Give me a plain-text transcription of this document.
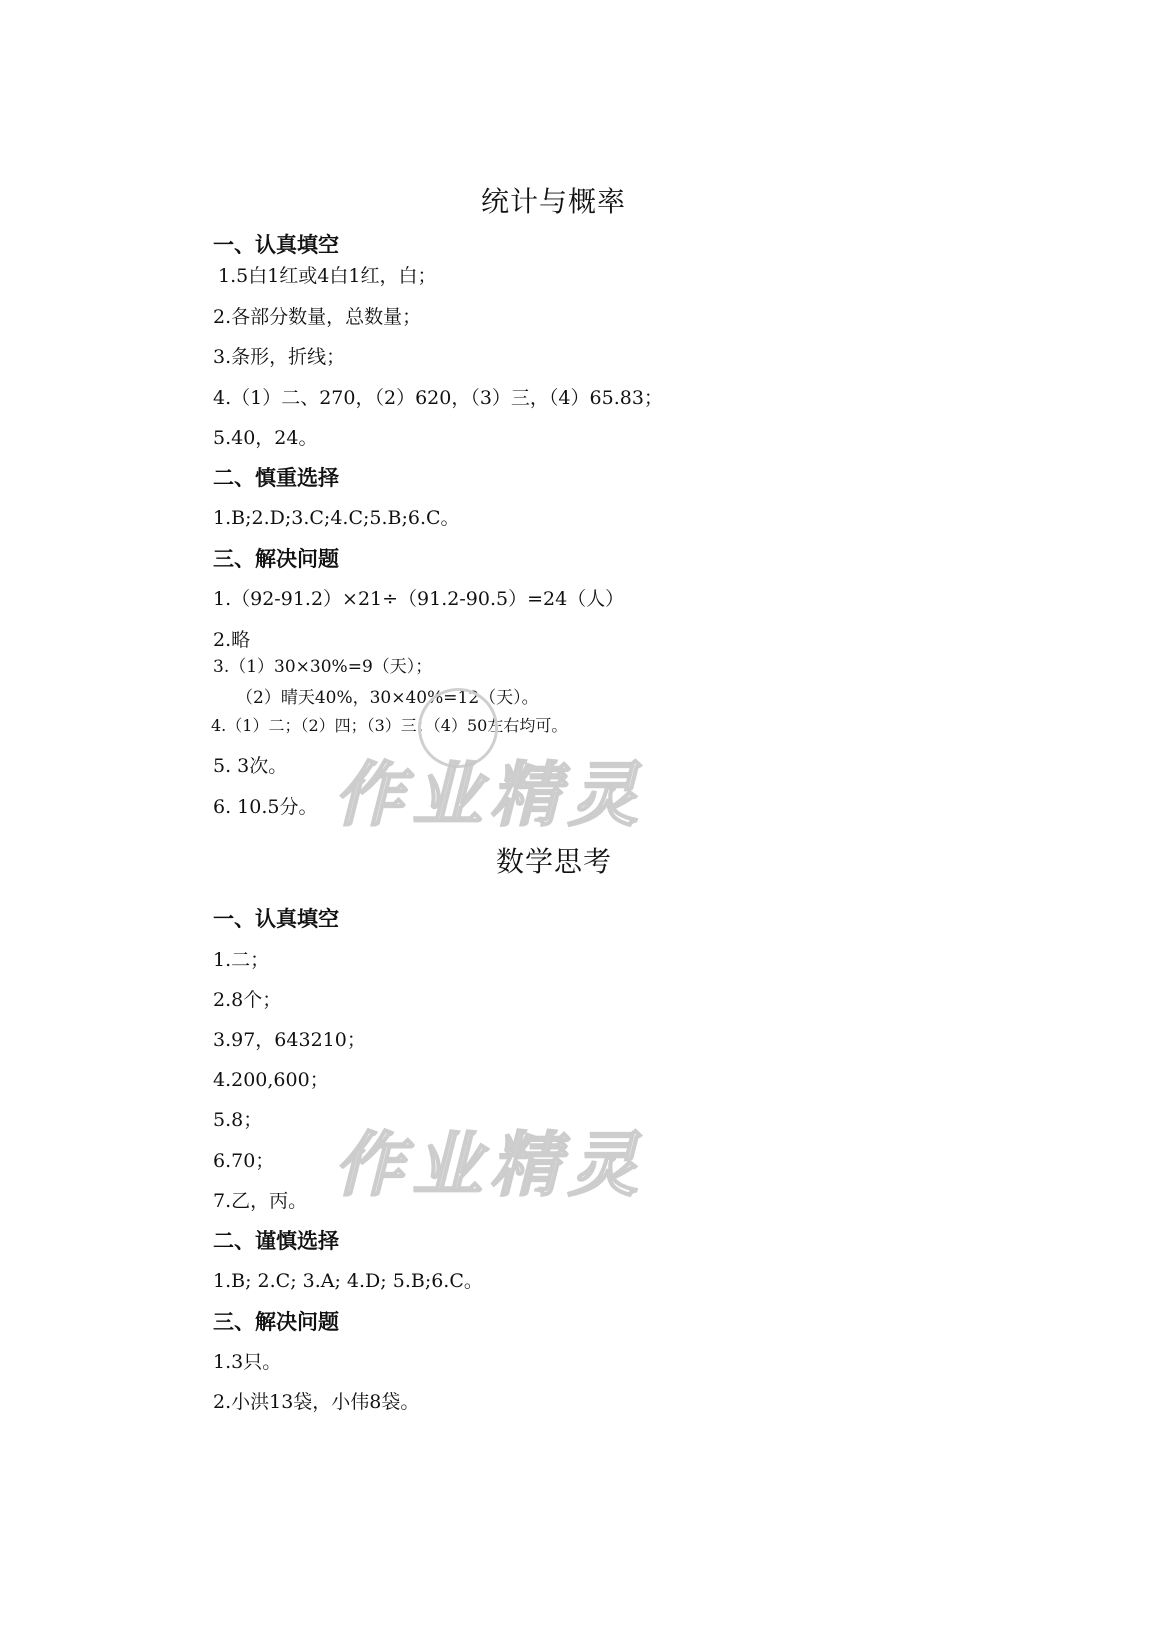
统计与概率
一、认真填空
1.5白1红或4白1红，白；
2.各部分数量，总数量；
3.条形，折线；
4.（1）二、270，（2）620，（3）三，（4）65.83；
5.40，24。
二、慎重选择
1.B;2.D;3.C;4.C;5.B;6.C。
三、解决问题
1.（92-91.2）×21÷（91.2-90.5）=24（人）
2.略
3.（1）30×30%=9（天）；
（2）晴天40%，30×40%=12（天）。
4.（1）二；（2）四；（3）三；（4）50左右均可。
5. 3次。
6. 10.5分。 作业精灵
数学思考
一、认真填空
1.二；
2.8个；
3.97，643210；
4.200,600；
5.8；
6.70；
7.乙，丙。
二、谨慎选择
1.B; 2.C; 3.A; 4.D; 5.B;6.C。
三、解决问题
1.3只。
2.小洪13袋，小伟8袋。
作业精灵
